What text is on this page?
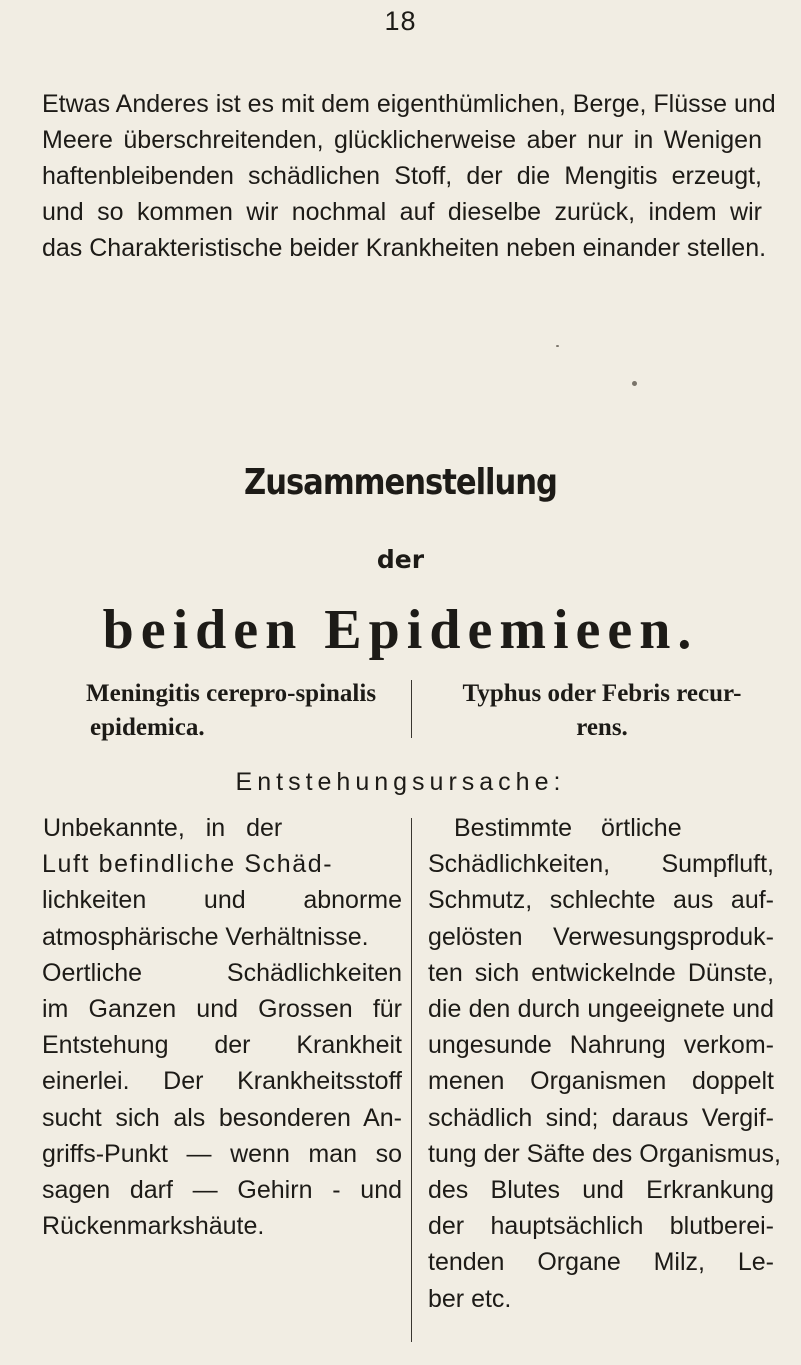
18
Etwas Anderes ist es mit dem eigenthümlichen, Berge, Flüsse und
Meere überschreitenden, glücklicherweise aber nur in Wenigen
haftenbleibenden schädlichen Stoff, der die Mengitis erzeugt,
und so kommen wir nochmal auf dieselbe zurück, indem wir
das Charakteristische beider Krankheiten neben einander stellen.
Zusammenstellung
der
beiden Epidemieen.
Meningitis cerepro-spinalis
epidemica.
Typhus oder Febris recur-
rens.
Entstehungsursache:
Unbekannte, in der
Luft befindliche Schäd-
lichkeiten und abnorme
atmosphärische Verhältnisse.
Oertliche Schädlichkeiten
im Ganzen und Grossen für
Entstehung der Krankheit
einerlei. Der Krankheitsstoff
sucht sich als besonderen An-
griffs-Punkt — wenn man so
sagen darf — Gehirn - und
Rückenmarkshäute.
Bestimmte örtliche
Schädlichkeiten, Sumpfluft,
Schmutz, schlechte aus auf-
gelösten Verwesungsproduk-
ten sich entwickelnde Dünste,
die den durch ungeeignete und
ungesunde Nahrung verkom-
menen Organismen doppelt
schädlich sind; daraus Vergif-
tung der Säfte des Organismus,
des Blutes und Erkrankung
der hauptsächlich blutberei-
tenden Organe Milz, Le-
ber etc.
